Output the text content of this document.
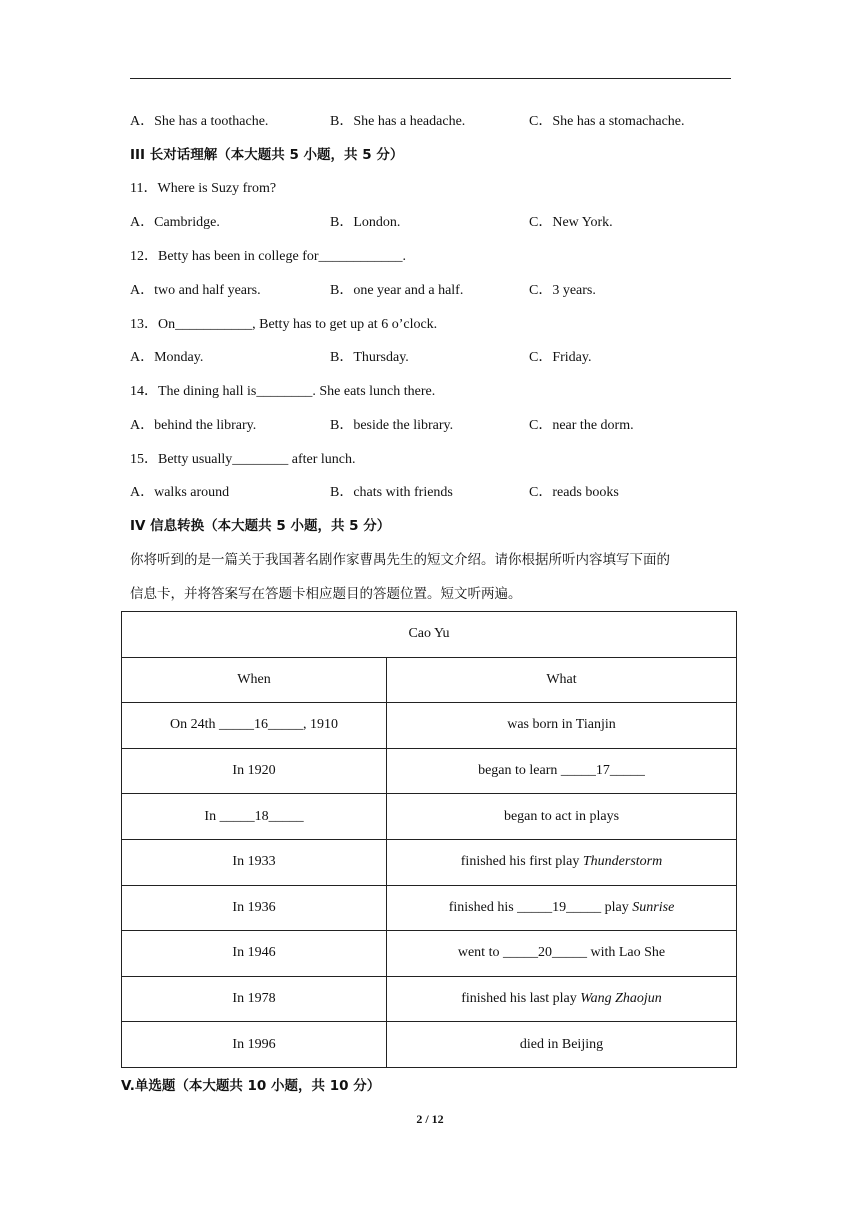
A．She has a toothache.	B．She has a headache.	C．She has a stomachache.
III 长对话理解（本大题共 5 小题，共 5 分）
11．Where is Suzy from?
A．Cambridge.	B．London.	C．New York.
12．Betty has been in college for____________.
A．two and half years.	B．one year and a half.	C．3 years.
13．On___________, Betty has to get up at 6 o’clock.
A．Monday.	B．Thursday.	C．Friday.
14．The dining hall is________. She eats lunch there.
A．behind the library.	B．beside the library.	C．near the dorm.
15．Betty usually________ after lunch.
A．walks around	B．chats with friends	C．reads books
IV 信息转换（本大题共 5 小题，共 5 分）
你将听到的是一篇关于我国著名剧作家曹禺先生的短文介绍。请你根据所听内容填写下面的
信息卡，并将答案写在答题卡相应题目的答题位置。短文听两遍。
Cao Yu	
When	What
On 24th _____16_____, 1910	was born in Tianjin
In 1920	began to learn _____17_____
In _____18_____	began to act in plays
In 1933	finished his first play Thunderstorm
In 1936	finished his _____19_____ play Sunrise
In 1946	went to _____20_____ with Lao She
In 1978	finished his last play Wang Zhaojun
In 1996	died in Beijing
V.单选题（本大题共 10 小题，共 10 分）
2 / 12
